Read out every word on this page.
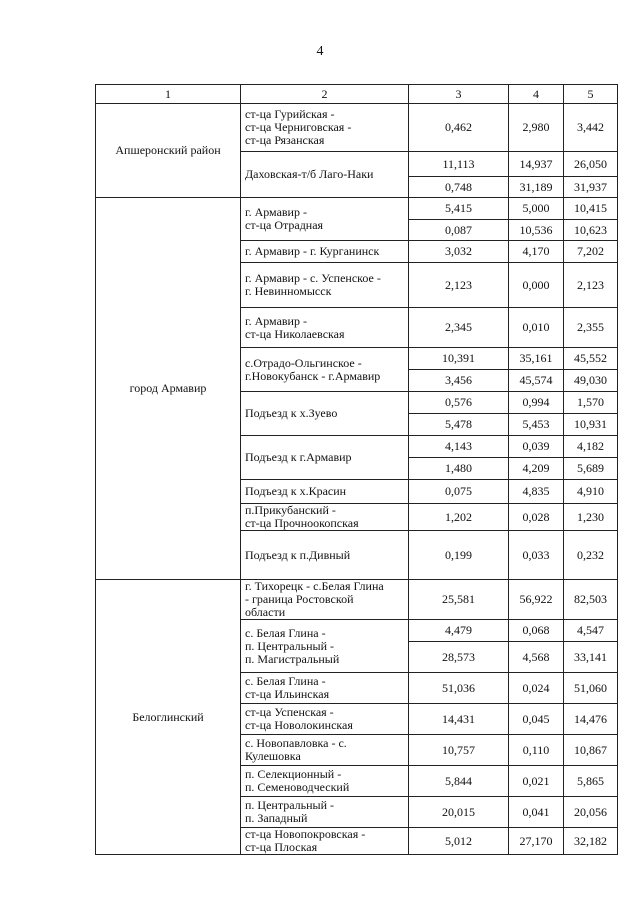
4
1	2	3	4	5
Апшеронский район	ст-ца Гурийская -
ст-ца Черниговская -
ст-ца Рязанская	0,462	2,980	3,442

	Даховская-т/б Лаго-Наки	11,113	14,937	26,050
		0,748	31,189	31,937
город Армавир	г. Армавир -
ст-ца Отрадная	5,415	5,000	10,415
		0,087	10,536	10,623

	г. Армавир - г. Курганинск	3,032	4,170	7,202

	г. Армавир - с. Успенское -
г. Невинномысск	2,123	0,000	2,123

	г. Армавир -
ст-ца Николаевская	2,345	0,010	2,355

	с.Отрадо-Ольгинское -
г.Новокубанск - г.Армавир	10,391	35,161	45,552
		3,456	45,574	49,030

	Подъезд к х.Зуево	0,576	0,994	1,570
		5,478	5,453	10,931

	Подъезд к г.Армавир	4,143	0,039	4,182
		1,480	4,209	5,689

	Подъезд к х.Красин	0,075	4,835	4,910

	п.Прикубанский -
ст-ца Прочноокопская	1,202	0,028	1,230

	Подъезд к п.Дивный	0,199	0,033	0,232
Белоглинский	г. Тихорецк - с.Белая Глина
- граница Ростовской
области	25,581	56,922	82,503

	с. Белая Глина -
п. Центральный -
п. Магистральный	4,479	0,068	4,547
		28,573	4,568	33,141

	с. Белая Глина -
ст-ца Ильинская	51,036	0,024	51,060

	ст-ца Успенская -
ст-ца Новолокинская	14,431	0,045	14,476

	с. Новопавловка - с.
Кулешовка	10,757	0,110	10,867

	п. Селекционный -
п. Семеноводческий	5,844	0,021	5,865

	п. Центральный -
п. Западный	20,015	0,041	20,056

	ст-ца Новопокровская -
ст-ца Плоская	5,012	27,170	32,182
